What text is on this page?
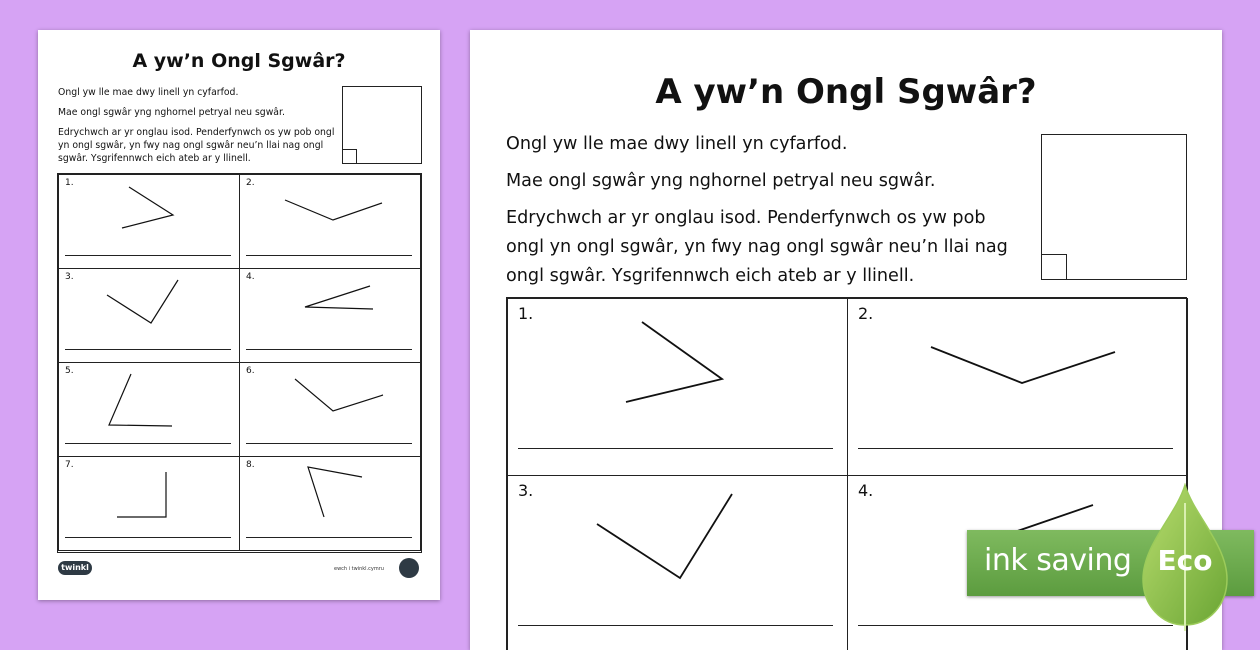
A yw’n Ongl Sgwâr?

Ongl yw lle mae dwy linell yn cyfarfod.

Mae ongl sgwâr yng nghornel petryal neu sgwâr.

Edrychwch ar yr onglau isod. Penderfynwch os yw pob ongl yn ongl sgwâr, yn fwy nag ongl sgwâr neu’n llai nag ongl sgwâr. Ysgrifennwch eich ateb ar y llinell.

1.	2.
3.	4.
5.	6.
7.	8.
twinkl	ewch i twinkl.cymru
A yw’n Ongl Sgwâr?

Ongl yw lle mae dwy linell yn cyfarfod.

Mae ongl sgwâr yng nghornel petryal neu sgwâr.

Edrychwch ar yr onglau isod. Penderfynwch os yw pob ongl yn ongl sgwâr, yn fwy nag ongl sgwâr neu’n llai nag ongl sgwâr. Ysgrifennwch eich ateb ar y llinell.

1.	2.
3.	4.
ink saving Eco
